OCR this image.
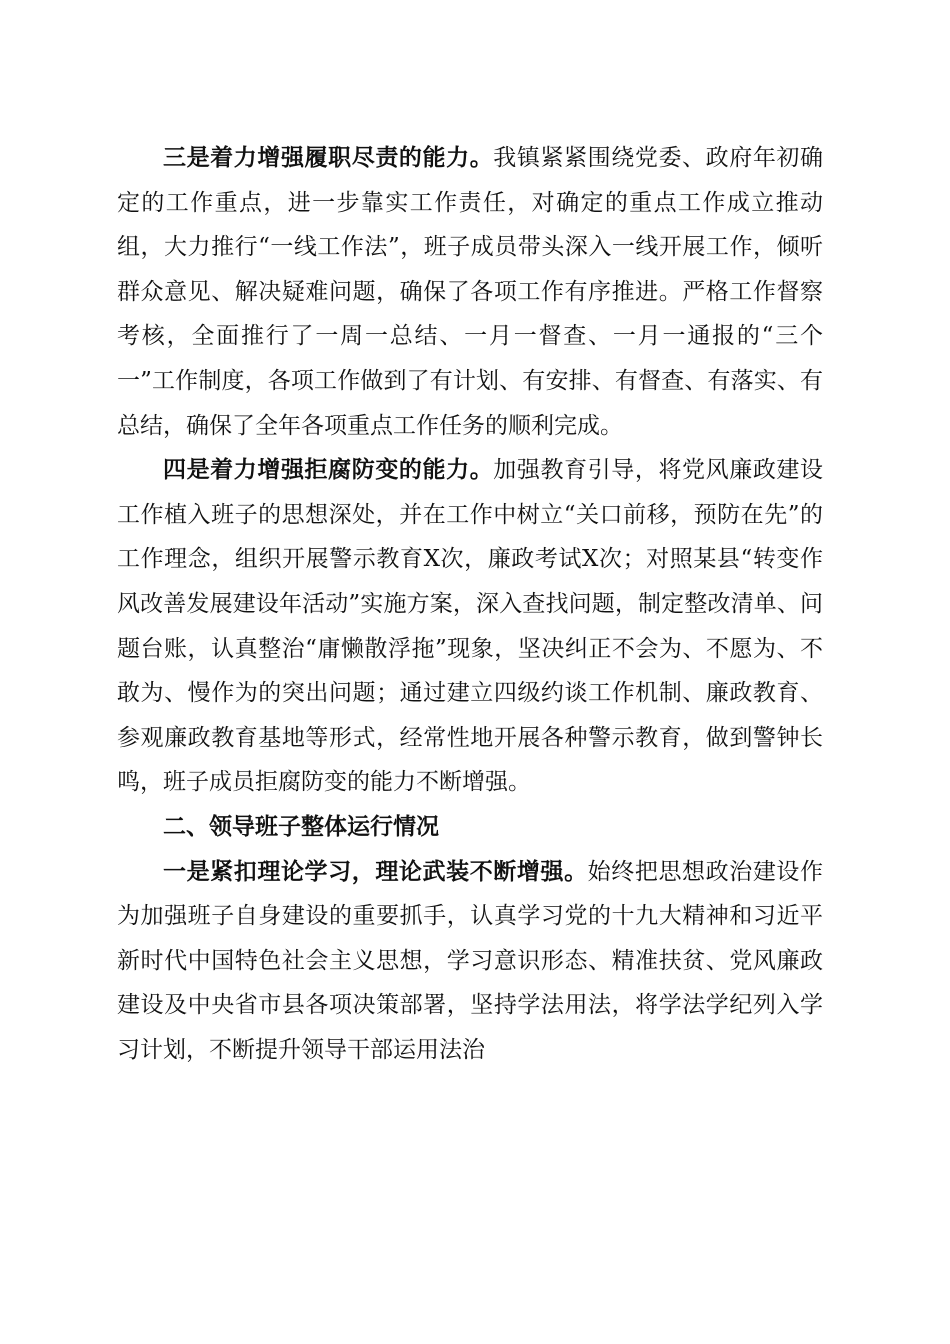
三是着力增强履职尽责的能力。我镇紧紧围绕党委、政府年初确定的工作重点，进一步靠实工作责任，对确定的重点工作成立推动组，大力推行“一线工作法”，班子成员带头深入一线开展工作，倾听群众意见、解决疑难问题，确保了各项工作有序推进。严格工作督察考核，全面推行了一周一总结、一月一督查、一月一通报的“三个一”工作制度，各项工作做到了有计划、有安排、有督查、有落实、有总结，确保了全年各项重点工作任务的顺利完成。

四是着力增强拒腐防变的能力。加强教育引导，将党风廉政建设工作植入班子的思想深处，并在工作中树立“关口前移，预防在先”的工作理念，组织开展警示教育X次，廉政考试X次；对照某县“转变作风改善发展建设年活动”实施方案，深入查找问题，制定整改清单、问题台账，认真整治“庸懒散浮拖”现象，坚决纠正不会为、不愿为、不敢为、慢作为的突出问题；通过建立四级约谈工作机制、廉政教育、参观廉政教育基地等形式，经常性地开展各种警示教育，做到警钟长鸣，班子成员拒腐防变的能力不断增强。

二、领导班子整体运行情况

一是紧扣理论学习，理论武装不断增强。始终把思想政治建设作为加强班子自身建设的重要抓手，认真学习党的十九大精神和习近平新时代中国特色社会主义思想，学习意识形态、精准扶贫、党风廉政建设及中央省市县各项决策部署，坚持学法用法，将学法学纪列入学习计划，不断提升领导干部运用法治
